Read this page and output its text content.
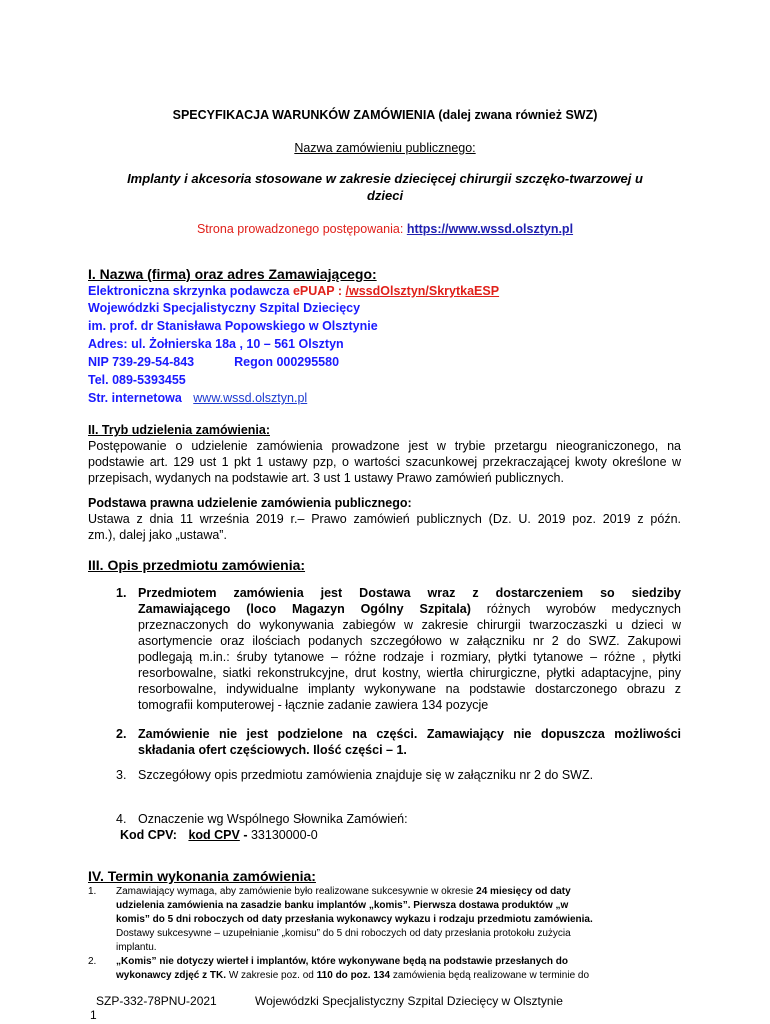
SPECYFIKACJA WARUNKÓW ZAMÓWIENIA (dalej zwana również SWZ)
Nazwa zamówieniu publicznego:
Implanty i akcesoria stosowane w zakresie dziecięcej chirurgii szczęko-twarzowej u
dzieci
Strona prowadzonego postępowania: https://www.wssd.olsztyn.pl
I. Nazwa (firma) oraz adres Zamawiającego:
Elektroniczna skrzynka podawcza ePUAP : /wssdOlsztyn/SkrytkaESP
Wojewódzki Specjalistyczny Szpital Dziecięcy
im. prof. dr Stanisława Popowskiego w Olsztynie
Adres: ul. Żołnierska 18a , 10 – 561 Olsztyn
NIP 739-29-54-843	Regon 000295580
Tel. 089-5393455
Str. internetowa www.wssd.olsztyn.pl
II. Tryb udzielenia zamówienia:
Postępowanie o udzielenie zamówienia prowadzone jest w trybie przetargu nieograniczonego, na
podstawie art. 129 ust 1 pkt 1 ustawy pzp, o wartości szacunkowej przekraczającej kwoty określone w
przepisach, wydanych na podstawie art. 3 ust 1 ustawy Prawo zamówień publicznych.
Podstawa prawna udzielenie zamówienia publicznego:
Ustawa z dnia 11 września 2019 r.– Prawo zamówień publicznych (Dz. U. 2019 poz. 2019 z późn.
zm.), dalej jako „ustawa”.
III. Opis przedmiotu zamówienia:
1. Przedmiotem zamówienia jest Dostawa wraz z dostarczeniem so siedziby
Zamawiającego (loco Magazyn Ogólny Szpitala) różnych wyrobów medycznych
przeznaczonych do wykonywania zabiegów w zakresie chirurgii twarzoczaszki u dzieci w
asortymencie oraz ilościach podanych szczegółowo w załączniku nr 2 do SWZ. Zakupowi
podlegają m.in.: śruby tytanowe – różne rodzaje i rozmiary, płytki tytanowe – różne , płytki
resorbowalne, siatki rekonstrukcyjne, drut kostny, wiertła chirurgiczne, płytki adaptacyjne, piny
resorbowalne, indywidualne implanty wykonywane na podstawie dostarczonego obrazu z
tomografii komputerowej - łącznie zadanie zawiera 134 pozycje
2. Zamówienie nie jest podzielone na części. Zamawiający nie dopuszcza możliwości
składania ofert częściowych. Ilość części – 1.
3. Szczegółowy opis przedmiotu zamówienia znajduje się w załączniku nr 2 do SWZ.
4. Oznaczenie wg Wspólnego Słownika Zamówień:
Kod CPV: kod CPV - 33130000-0
IV. Termin wykonania zamówienia:
1. Zamawiający wymaga, aby zamówienie było realizowane sukcesywnie w okresie 24 miesięcy od daty
udzielenia zamówienia na zasadzie banku implantów „komis”. Pierwsza dostawa produktów „w
komis” do 5 dni roboczych od daty przesłania wykonawcy wykazu i rodzaju przedmiotu zamówienia.
Dostawy sukcesywne – uzupełnianie „komisu” do 5 dni roboczych od daty przesłania protokołu zużycia
implantu.
2. „Komis” nie dotyczy wierteł i implantów, które wykonywane będą na podstawie przesłanych do
wykonawcy zdjęć z TK. W zakresie poz. od 110 do poz. 134 zamówienia będą realizowane w terminie do
SZP-332-78PNU-2021	Wojewódzki Specjalistyczny Szpital Dziecięcy w Olsztynie
1
